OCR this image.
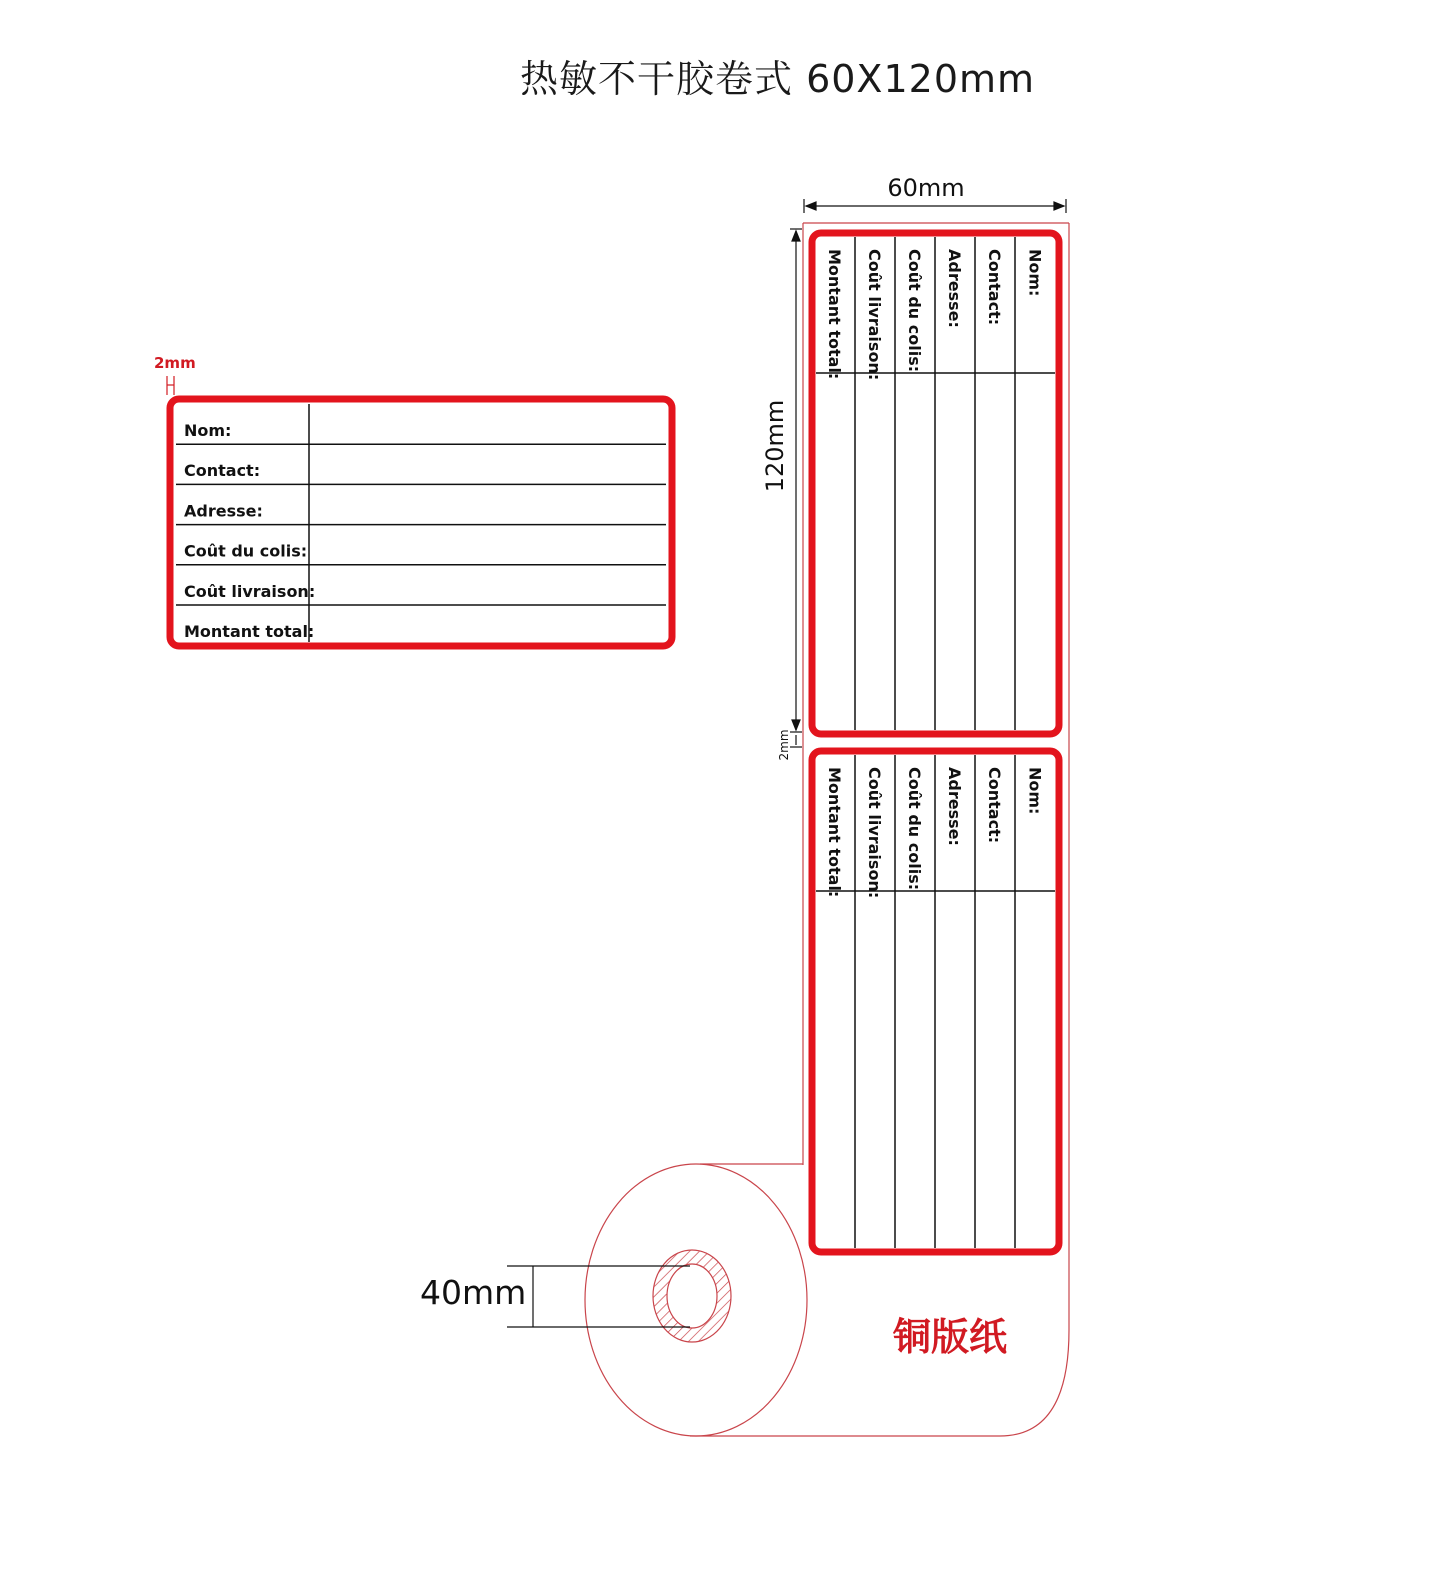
热敏不干胶卷式 60X120mm
2mm
Nom:
Contact:
Adresse:
Coût du colis:
Coût livraison:
Montant total:
40mm
60mm
120mm
2mm
Nom:
Contact:
Adresse:
Coût du colis:
Coût livraison:
Montant total:
Nom:
Contact:
Adresse:
Coût du colis:
Coût livraison:
Montant total:
铜版纸
